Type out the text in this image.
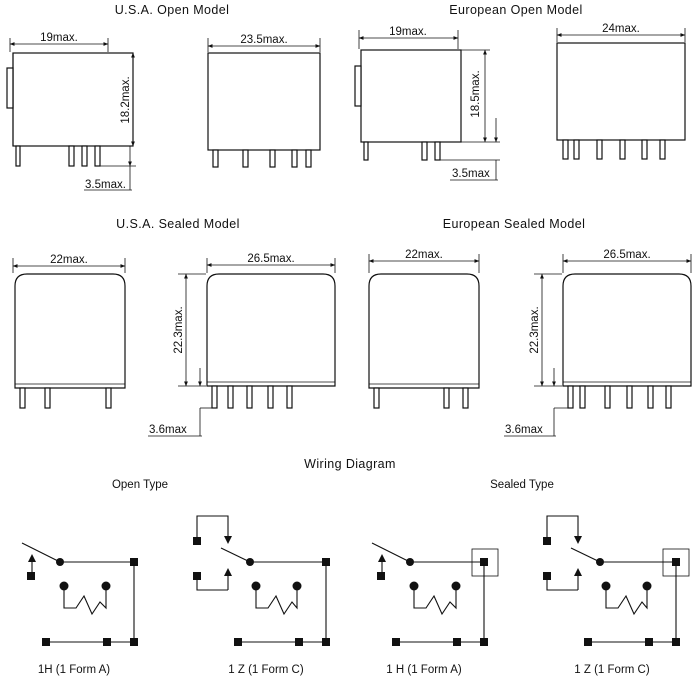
U.S.A. Open Model	European Open Model
U.S.A. Sealed Model	European Sealed Model
Wiring Diagram
Open Type	Sealed Type
19max.
18.2max.
3.5max.
23.5max.
19max.
18.5max.
3.5max
24max.
22max.	26.5max.
22.3max.
3.6max
22max.	26.5max.
22.3max.
3.6max
1H (1 Form A)	1 Z (1 Form C)	1 H (1 Form A)	1 Z (1 Form C)
